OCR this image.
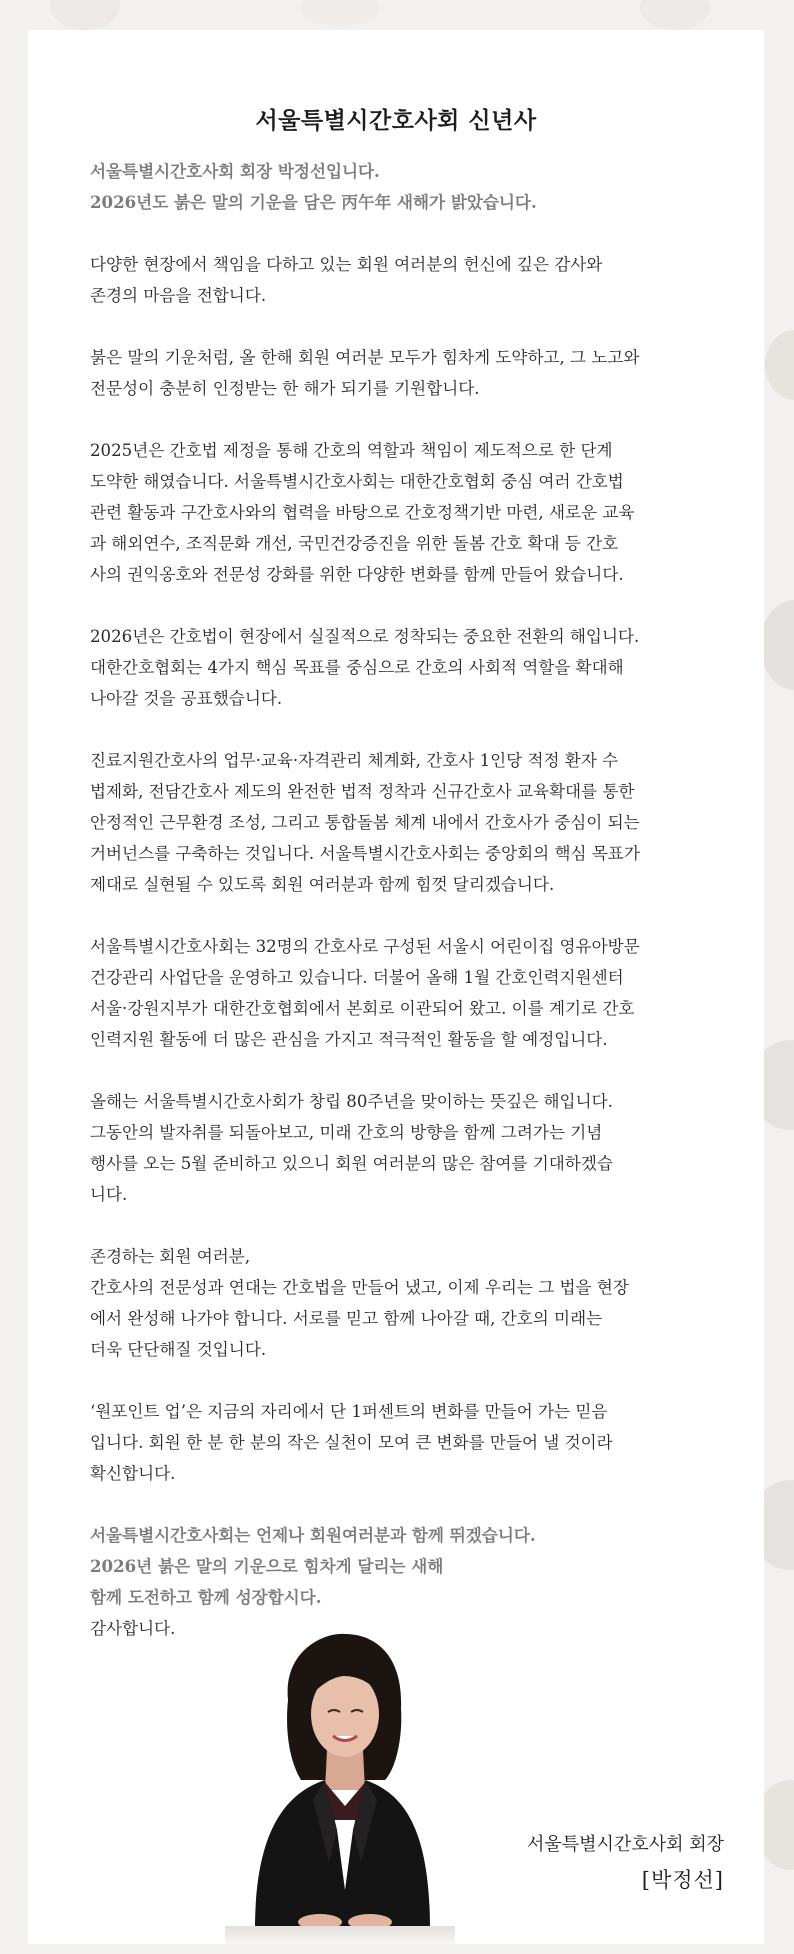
서울특별시간호사회 신년사
서울특별시간호사회 회장 박정선입니다.
2026년도 붉은 말의 기운을 담은 丙午年 새해가 밝았습니다.
다양한 현장에서 책임을 다하고 있는 회원 여러분의 헌신에 깊은 감사와
존경의 마음을 전합니다.
붉은 말의 기운처럼, 올 한해 회원 여러분 모두가 힘차게 도약하고, 그 노고와
전문성이 충분히 인정받는 한 해가 되기를 기원합니다.
2025년은 간호법 제정을 통해 간호의 역할과 책임이 제도적으로 한 단계
도약한 해였습니다. 서울특별시간호사회는 대한간호협회 중심 여러 간호법
관련 활동과 구간호사와의 협력을 바탕으로 간호정책기반 마련, 새로운 교육
과 해외연수, 조직문화 개선, 국민건강증진을 위한 돌봄 간호 확대 등 간호
사의 권익옹호와 전문성 강화를 위한 다양한 변화를 함께 만들어 왔습니다.
2026년은 간호법이 현장에서 실질적으로 정착되는 중요한 전환의 해입니다.
대한간호협회는 4가지 핵심 목표를 중심으로 간호의 사회적 역할을 확대해
나아갈 것을 공표했습니다.
진료지원간호사의 업무·교육·자격관리 체계화, 간호사 1인당 적정 환자 수
법제화, 전담간호사 제도의 완전한 법적 정착과 신규간호사 교육확대를 통한
안정적인 근무환경 조성, 그리고 통합돌봄 체계 내에서 간호사가 중심이 되는
거버넌스를 구축하는 것입니다. 서울특별시간호사회는 중앙회의 핵심 목표가
제대로 실현될 수 있도록 회원 여러분과 함께 힘껏 달리겠습니다.
서울특별시간호사회는 32명의 간호사로 구성된 서울시 어린이집 영유아방문
건강관리 사업단을 운영하고 있습니다. 더불어 올해 1월 간호인력지원센터
서울·강원지부가 대한간호협회에서 본회로 이관되어 왔고. 이를 계기로 간호
인력지원 활동에 더 많은 관심을 가지고 적극적인 활동을 할 예정입니다.
올해는 서울특별시간호사회가 창립 80주년을 맞이하는 뜻깊은 해입니다.
그동안의 발자취를 되돌아보고, 미래 간호의 방향을 함께 그려가는 기념
행사를 오는 5월 준비하고 있으니 회원 여러분의 많은 참여를 기대하겠습
니다.
존경하는 회원 여러분,
간호사의 전문성과 연대는 간호법을 만들어 냈고, 이제 우리는 그 법을 현장
에서 완성해 나가야 합니다. 서로를 믿고 함께 나아갈 때, 간호의 미래는
더욱 단단해질 것입니다.
‘원포인트 업’은 지금의 자리에서 단 1퍼센트의 변화를 만들어 가는 믿음
입니다. 회원 한 분 한 분의 작은 실천이 모여 큰 변화를 만들어 낼 것이라
확신합니다.
서울특별시간호사회는 언제나 회원여러분과 함께 뛰겠습니다.
2026년 붉은 말의 기운으로 힘차게 달리는 새해
함께 도전하고 함께 성장합시다.
감사합니다.
서울특별시간호사회 회장
[박정선]
